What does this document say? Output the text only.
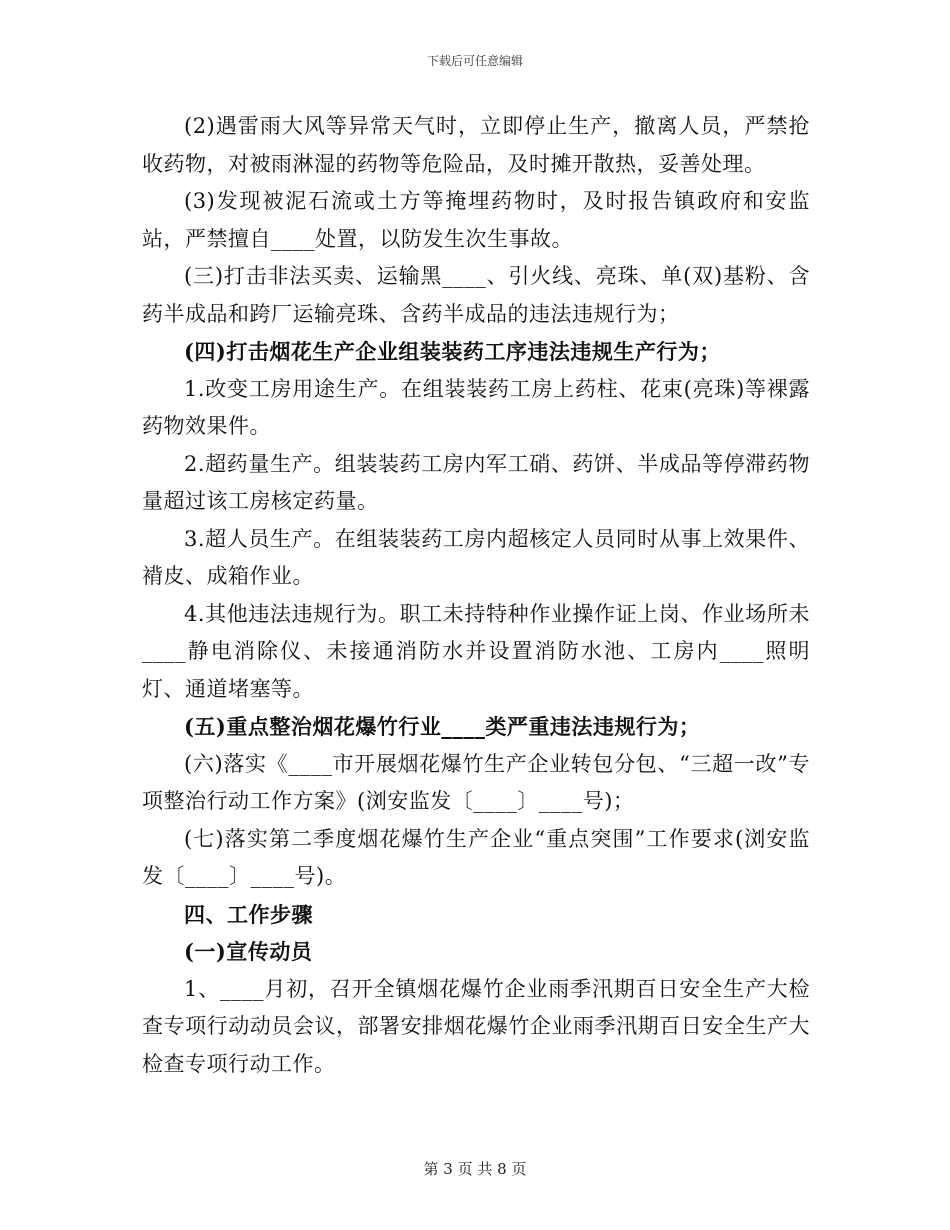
下载后可任意编辑

(2)遇雷雨大风等异常天气时，立即停止生产，撤离人员，严禁抢收药物，对被雨淋湿的药物等危险品，及时摊开散热，妥善处理。

(3)发现被泥石流或土方等掩埋药物时，及时报告镇政府和安监站，严禁擅自____处置，以防发生次生事故。

(三)打击非法买卖、运输黑____、引火线、亮珠、单(双)基粉、含药半成品和跨厂运输亮珠、含药半成品的违法违规行为；

(四)打击烟花生产企业组装装药工序违法违规生产行为；

1.改变工房用途生产。在组装装药工房上药柱、花束(亮珠)等裸露药物效果件。

2.超药量生产。组装装药工房内军工硝、药饼、半成品等停滞药物量超过该工房核定药量。

3.超人员生产。在组装装药工房内超核定人员同时从事上效果件、褙皮、成箱作业。

4.其他违法违规行为。职工未持特种作业操作证上岗、作业场所未____静电消除仪、未接通消防水并设置消防水池、工房内____照明灯、通道堵塞等。

(五)重点整治烟花爆竹行业____类严重违法违规行为；

(六)落实《____市开展烟花爆竹生产企业转包分包、“三超一改”专项整治行动工作方案》(浏安监发〔____〕____号)；

(七)落实第二季度烟花爆竹生产企业“重点突围”工作要求(浏安监发〔____〕____号)。

四、工作步骤

(一)宣传动员

1、____月初，召开全镇烟花爆竹企业雨季汛期百日安全生产大检查专项行动动员会议，部署安排烟花爆竹企业雨季汛期百日安全生产大检查专项行动工作。

第 3 页 共 8 页
